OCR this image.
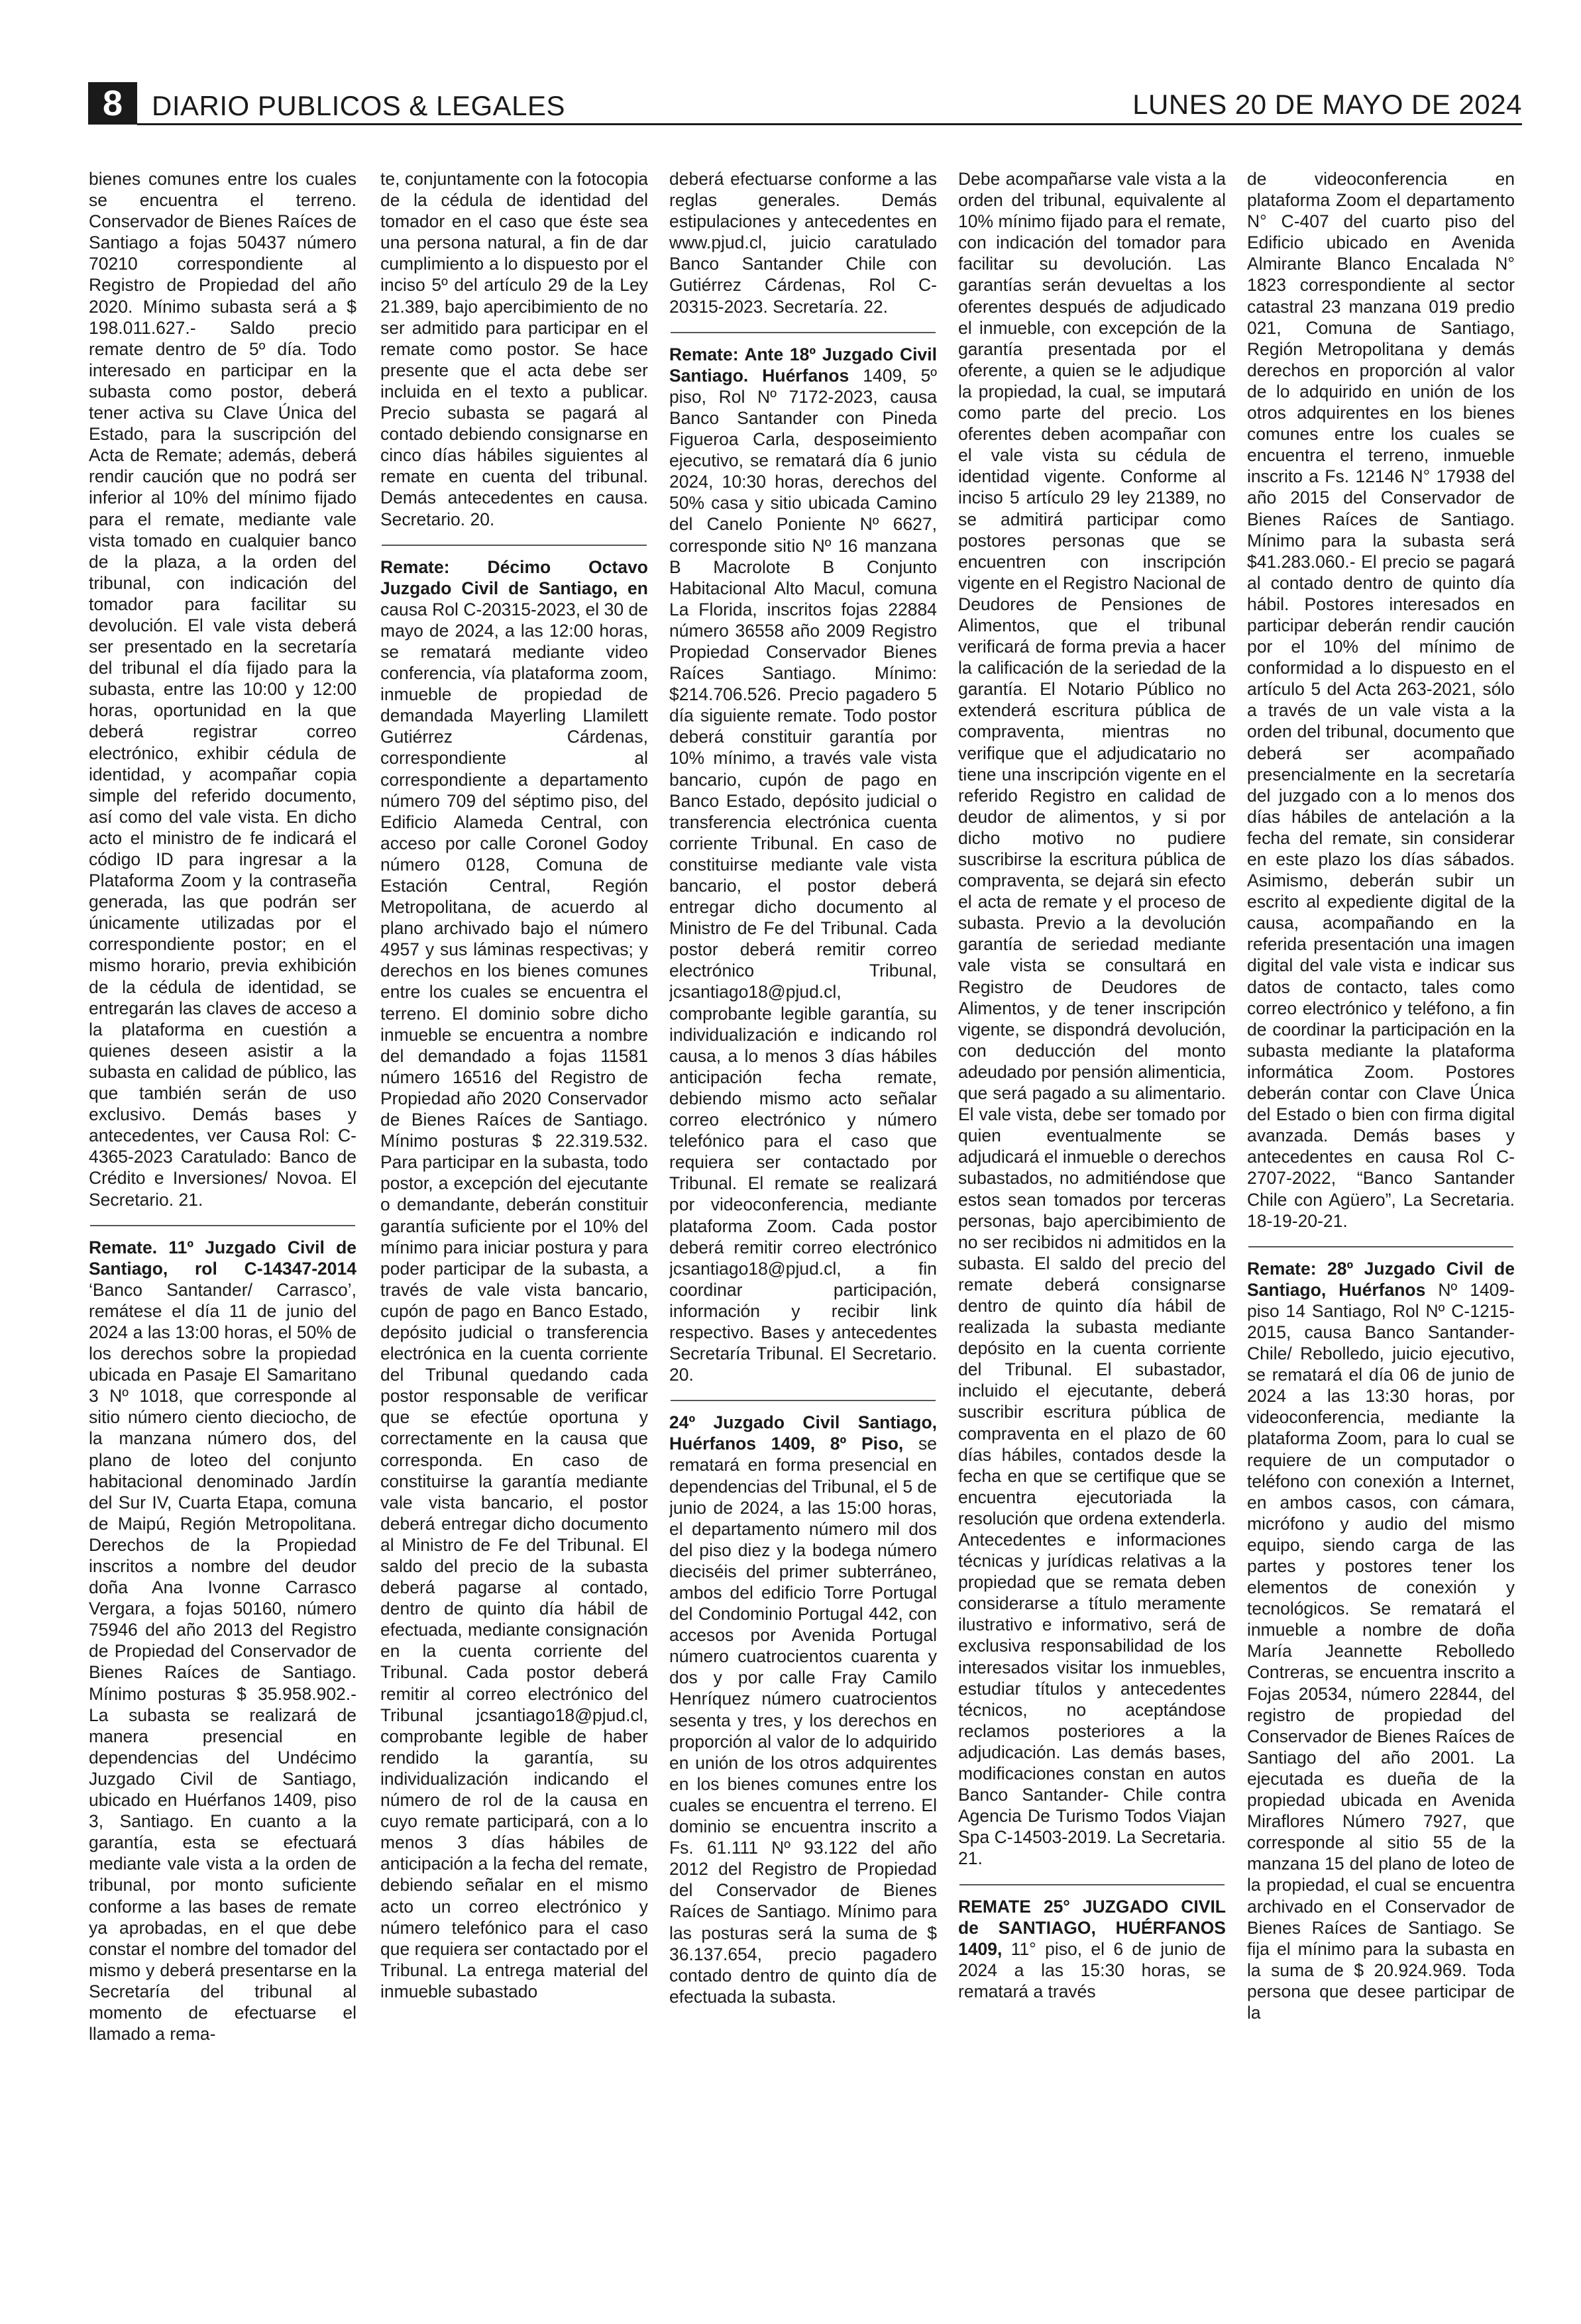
8	DIARIO PUBLICOS & LEGALES	LUNES 20 DE MAYO DE 2024

bienes comunes entre los cuales se encuentra el terreno. Conservador de Bienes Raíces de Santiago a fojas 50437 número 70210 correspondiente al Registro de Propiedad del año 2020. Mínimo subasta será a $ 198.011.627.- Saldo precio remate dentro de 5º día. Todo interesado en participar en la subasta como postor, deberá tener activa su Clave Única del Estado, para la suscripción del Acta de Remate; además, deberá rendir caución que no podrá ser inferior al 10% del mínimo fijado para el remate, mediante vale vista tomado en cualquier banco de la plaza, a la orden del tribunal, con indicación del tomador para facilitar su devolución. El vale vista deberá ser presentado en la secretaría del tribunal el día fijado para la subasta, entre las 10:00 y 12:00 horas, oportunidad en la que deberá registrar correo electrónico, exhibir cédula de identidad, y acompañar copia simple del referido documento, así como del vale vista. En dicho acto el ministro de fe indicará el código ID para ingresar a la Plataforma Zoom y la contraseña generada, las que podrán ser únicamente utilizadas por el correspondiente postor; en el mismo horario, previa exhibición de la cédula de identidad, se entregarán las claves de acceso a la plataforma en cuestión a quienes deseen asistir a la subasta en calidad de público, las que también serán de uso exclusivo. Demás bases y antecedentes, ver Causa Rol: C-4365-2023 Caratulado: Banco de Crédito e Inversiones/ Novoa. El Secretario. 21.

Remate. 11º Juzgado Civil de Santiago, rol C-14347-2014 ‘Banco Santander/ Carrasco’, remátese el día 11 de junio del 2024 a las 13:00 horas, el 50% de los derechos sobre la propiedad ubicada en Pasaje El Samaritano 3 Nº 1018, que corresponde al sitio número ciento dieciocho, de la manzana número dos, del plano de loteo del conjunto habitacional denominado Jardín del Sur IV, Cuarta Etapa, comuna de Maipú, Región Metropolitana. Derechos de la Propiedad inscritos a nombre del deudor doña Ana Ivonne Carrasco Vergara, a fojas 50160, número 75946 del año 2013 del Registro de Propiedad del Conservador de Bienes Raíces de Santiago. Mínimo posturas $ 35.958.902.- La subasta se realizará de manera presencial en dependencias del Undécimo Juzgado Civil de Santiago, ubicado en Huérfanos 1409, piso 3, Santiago. En cuanto a la garantía, esta se efectuará mediante vale vista a la orden de tribunal, por monto suficiente conforme a las bases de remate ya aprobadas, en el que debe constar el nombre del tomador del mismo y deberá presentarse en la Secretaría del tribunal al momento de efectuarse el llamado a rema-

te, conjuntamente con la fotocopia de la cédula de identidad del tomador en el caso que éste sea una persona natural, a fin de dar cumplimiento a lo dispuesto por el inciso 5º del artículo 29 de la Ley 21.389, bajo apercibimiento de no ser admitido para participar en el remate como postor. Se hace presente que el acta debe ser incluida en el texto a publicar. Precio subasta se pagará al contado debiendo consignarse en cinco días hábiles siguientes al remate en cuenta del tribunal. Demás antecedentes en causa. Secretario. 20.

Remate: Décimo Octavo Juzgado Civil de Santiago, en causa Rol C-20315-2023, el 30 de mayo de 2024, a las 12:00 horas, se rematará mediante video conferencia, vía plataforma zoom, inmueble de propiedad de demandada Mayerling Llamilett Gutiérrez Cárdenas, correspondiente al correspondiente a departamento número 709 del séptimo piso, del Edificio Alameda Central, con acceso por calle Coronel Godoy número 0128, Comuna de Estación Central, Región Metropolitana, de acuerdo al plano archivado bajo el número 4957 y sus láminas respectivas; y derechos en los bienes comunes entre los cuales se encuentra el terreno. El dominio sobre dicho inmueble se encuentra a nombre del demandado a fojas 11581 número 16516 del Registro de Propiedad año 2020 Conservador de Bienes Raíces de Santiago. Mínimo posturas $ 22.319.532. Para participar en la subasta, todo postor, a excepción del ejecutante o demandante, deberán constituir garantía suficiente por el 10% del mínimo para iniciar postura y para poder participar de la subasta, a través de vale vista bancario, cupón de pago en Banco Estado, depósito judicial o transferencia electrónica en la cuenta corriente del Tribunal quedando cada postor responsable de verificar que se efectúe oportuna y correctamente en la causa que corresponda. En caso de constituirse la garantía mediante vale vista bancario, el postor deberá entregar dicho documento al Ministro de Fe del Tribunal. El saldo del precio de la subasta deberá pagarse al contado, dentro de quinto día hábil de efectuada, mediante consignación en la cuenta corriente del Tribunal. Cada postor deberá remitir al correo electrónico del Tribunal jcsantiago18@pjud.cl, comprobante legible de haber rendido la garantía, su individualización indicando el número de rol de la causa en cuyo remate participará, con a lo menos 3 días hábiles de anticipación a la fecha del remate, debiendo señalar en el mismo acto un correo electrónico y número telefónico para el caso que requiera ser contactado por el Tribunal. La entrega material del inmueble subastado

deberá efectuarse conforme a las reglas generales. Demás estipulaciones y antecedentes en www.pjud.cl, juicio caratulado Banco Santander Chile con Gutiérrez Cárdenas, Rol C- 20315-2023. Secretaría. 22.

Remate: Ante 18º Juzgado Civil Santiago. Huérfanos 1409, 5º piso, Rol Nº 7172-2023, causa Banco Santander con Pineda Figueroa Carla, desposeimiento ejecutivo, se rematará día 6 junio 2024, 10:30 horas, derechos del 50% casa y sitio ubicada Camino del Canelo Poniente Nº 6627, corresponde sitio Nº 16 manzana B Macrolote B Conjunto Habitacional Alto Macul, comuna La Florida, inscritos fojas 22884 número 36558 año 2009 Registro Propiedad Conservador Bienes Raíces Santiago. Mínimo: $214.706.526. Precio pagadero 5 día siguiente remate. Todo postor deberá constituir garantía por 10% mínimo, a través vale vista bancario, cupón de pago en Banco Estado, depósito judicial o transferencia electrónica cuenta corriente Tribunal. En caso de constituirse mediante vale vista bancario, el postor deberá entregar dicho documento al Ministro de Fe del Tribunal. Cada postor deberá remitir correo electrónico Tribunal, jcsantiago18@pjud.cl, comprobante legible garantía, su individualización e indicando rol causa, a lo menos 3 días hábiles anticipación fecha remate, debiendo mismo acto señalar correo electrónico y número telefónico para el caso que requiera ser contactado por Tribunal. El remate se realizará por videoconferencia, mediante plataforma Zoom. Cada postor deberá remitir correo electrónico jcsantiago18@pjud.cl, a fin coordinar participación, información y recibir link respectivo. Bases y antecedentes Secretaría Tribunal. El Secretario. 20.

24º Juzgado Civil Santiago, Huérfanos 1409, 8º Piso, se rematará en forma presencial en dependencias del Tribunal, el 5 de junio de 2024, a las 15:00 horas, el departamento número mil dos del piso diez y la bodega número dieciséis del primer subterráneo, ambos del edificio Torre Portugal del Condominio Portugal 442, con accesos por Avenida Portugal número cuatrocientos cuarenta y dos y por calle Fray Camilo Henríquez número cuatrocientos sesenta y tres, y los derechos en proporción al valor de lo adquirido en unión de los otros adquirentes en los bienes comunes entre los cuales se encuentra el terreno. El dominio se encuentra inscrito a Fs. 61.111 Nº 93.122 del año 2012 del Registro de Propiedad del Conservador de Bienes Raíces de Santiago. Mínimo para las posturas será la suma de $ 36.137.654, precio pagadero contado dentro de quinto día de efectuada la subasta.

Debe acompañarse vale vista a la orden del tribunal, equivalente al 10% mínimo fijado para el remate, con indicación del tomador para facilitar su devolución. Las garantías serán devueltas a los oferentes después de adjudicado el inmueble, con excepción de la garantía presentada por el oferente, a quien se le adjudique la propiedad, la cual, se imputará como parte del precio. Los oferentes deben acompañar con el vale vista su cédula de identidad vigente. Conforme al inciso 5 artículo 29 ley 21389, no se admitirá participar como postores personas que se encuentren con inscripción vigente en el Registro Nacional de Deudores de Pensiones de Alimentos, que el tribunal verificará de forma previa a hacer la calificación de la seriedad de la garantía. El Notario Público no extenderá escritura pública de compraventa, mientras no verifique que el adjudicatario no tiene una inscripción vigente en el referido Registro en calidad de deudor de alimentos, y si por dicho motivo no pudiere suscribirse la escritura pública de compraventa, se dejará sin efecto el acta de remate y el proceso de subasta. Previo a la devolución garantía de seriedad mediante vale vista se consultará en Registro de Deudores de Alimentos, y de tener inscripción vigente, se dispondrá devolución, con deducción del monto adeudado por pensión alimenticia, que será pagado a su alimentario. El vale vista, debe ser tomado por quien eventualmente se adjudicará el inmueble o derechos subastados, no admitiéndose que estos sean tomados por terceras personas, bajo apercibimiento de no ser recibidos ni admitidos en la subasta. El saldo del precio del remate deberá consignarse dentro de quinto día hábil de realizada la subasta mediante depósito en la cuenta corriente del Tribunal. El subastador, incluido el ejecutante, deberá suscribir escritura pública de compraventa en el plazo de 60 días hábiles, contados desde la fecha en que se certifique que se encuentra ejecutoriada la resolución que ordena extenderla. Antecedentes e informaciones técnicas y jurídicas relativas a la propiedad que se remata deben considerarse a título meramente ilustrativo e informativo, será de exclusiva responsabilidad de los interesados visitar los inmuebles, estudiar títulos y antecedentes técnicos, no aceptándose reclamos posteriores a la adjudicación. Las demás bases, modificaciones constan en autos Banco Santander- Chile contra Agencia De Turismo Todos Viajan Spa C-14503-2019. La Secretaria. 21.

REMATE 25° JUZGADO CIVIL de SANTIAGO, HUÉRFANOS 1409, 11° piso, el 6 de junio de 2024 a las 15:30 horas, se rematará a través

de videoconferencia en plataforma Zoom el departamento N° C-407 del cuarto piso del Edificio ubicado en Avenida Almirante Blanco Encalada N° 1823 correspondiente al sector catastral 23 manzana 019 predio 021, Comuna de Santiago, Región Metropolitana y demás derechos en proporción al valor de lo adquirido en unión de los otros adquirentes en los bienes comunes entre los cuales se encuentra el terreno, inmueble inscrito a Fs. 12146 N° 17938 del año 2015 del Conservador de Bienes Raíces de Santiago. Mínimo para la subasta será $41.283.060.- El precio se pagará al contado dentro de quinto día hábil. Postores interesados en participar deberán rendir caución por el 10% del mínimo de conformidad a lo dispuesto en el artículo 5 del Acta 263-2021, sólo a través de un vale vista a la orden del tribunal, documento que deberá ser acompañado presencialmente en la secretaría del juzgado con a lo menos dos días hábiles de antelación a la fecha del remate, sin considerar en este plazo los días sábados. Asimismo, deberán subir un escrito al expediente digital de la causa, acompañando en la referida presentación una imagen digital del vale vista e indicar sus datos de contacto, tales como correo electrónico y teléfono, a fin de coordinar la participación en la subasta mediante la plataforma informática Zoom. Postores deberán contar con Clave Única del Estado o bien con firma digital avanzada. Demás bases y antecedentes en causa Rol C-2707-2022, “Banco Santander Chile con Agüero”, La Secretaria. 18-19-20-21.

Remate: 28º Juzgado Civil de Santiago, Huérfanos Nº 1409- piso 14 Santiago, Rol Nº C-1215-2015, causa Banco Santander- Chile/ Rebolledo, juicio ejecutivo, se rematará el día 06 de junio de 2024 a las 13:30 horas, por videoconferencia, mediante la plataforma Zoom, para lo cual se requiere de un computador o teléfono con conexión a Internet, en ambos casos, con cámara, micrófono y audio del mismo equipo, siendo carga de las partes y postores tener los elementos de conexión y tecnológicos. Se rematará el inmueble a nombre de doña María Jeannette Rebolledo Contreras, se encuentra inscrito a Fojas 20534, número 22844, del registro de propiedad del Conservador de Bienes Raíces de Santiago del año 2001. La ejecutada es dueña de la propiedad ubicada en Avenida Miraflores Número 7927, que corresponde al sitio 55 de la manzana 15 del plano de loteo de la propiedad, el cual se encuentra archivado en el Conservador de Bienes Raíces de Santiago. Se fija el mínimo para la subasta en la suma de $ 20.924.969. Toda persona que desee participar de la
